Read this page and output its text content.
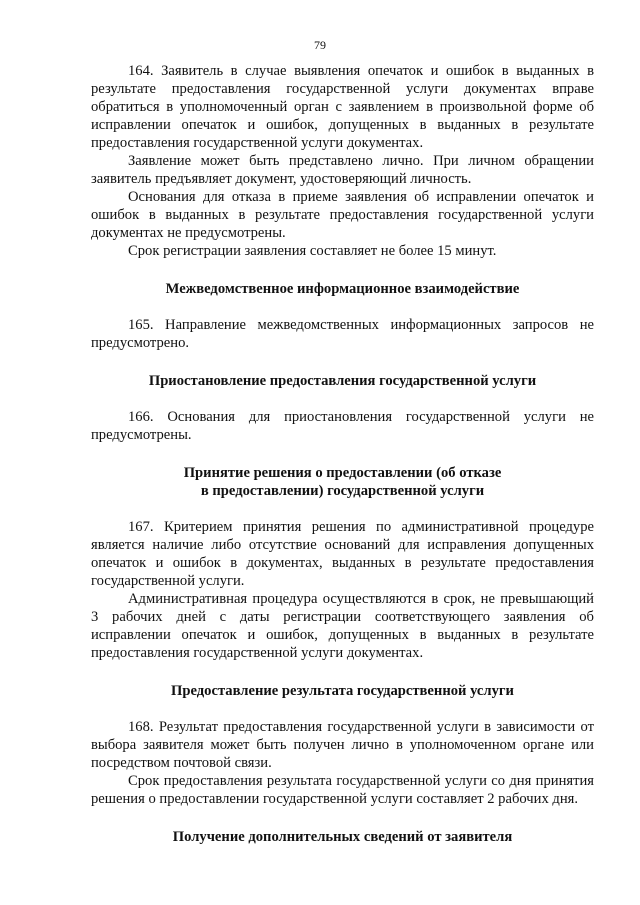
79

164. Заявитель в случае выявления опечаток и ошибок в выданных в результате предоставления государственной услуги документах вправе обратиться в уполномоченный орган с заявлением в произвольной форме об исправлении опечаток и ошибок, допущенных в выданных в результате предоставления государственной услуги документах.

Заявление может быть представлено лично. При личном обращении заявитель предъявляет документ, удостоверяющий личность.

Основания для отказа в приеме заявления об исправлении опечаток и ошибок в выданных в результате предоставления государственной услуги документах не предусмотрены.

Срок регистрации заявления составляет не более 15 минут.

Межведомственное информационное взаимодействие

165. Направление межведомственных информационных запросов не предусмотрено.

Приостановление предоставления государственной услуги

166. Основания для приостановления государственной услуги не предусмотрены.

Принятие решения о предоставлении (об отказе
в предоставлении) государственной услуги

167. Критерием принятия решения по административной процедуре является наличие либо отсутствие оснований для исправления допущенных опечаток и ошибок в документах, выданных в результате предоставления государственной услуги.

Административная процедура осуществляются в срок, не превышающий 3 рабочих дней с даты регистрации соответствующего заявления об исправлении опечаток и ошибок, допущенных в выданных в результате предоставления государственной услуги документах.

Предоставление результата государственной услуги

168. Результат предоставления государственной услуги в зависимости от выбора заявителя может быть получен лично в уполномоченном органе или посредством почтовой связи.

Срок предоставления результата государственной услуги со дня принятия решения о предоставлении государственной услуги составляет 2 рабочих дня.

Получение дополнительных сведений от заявителя
